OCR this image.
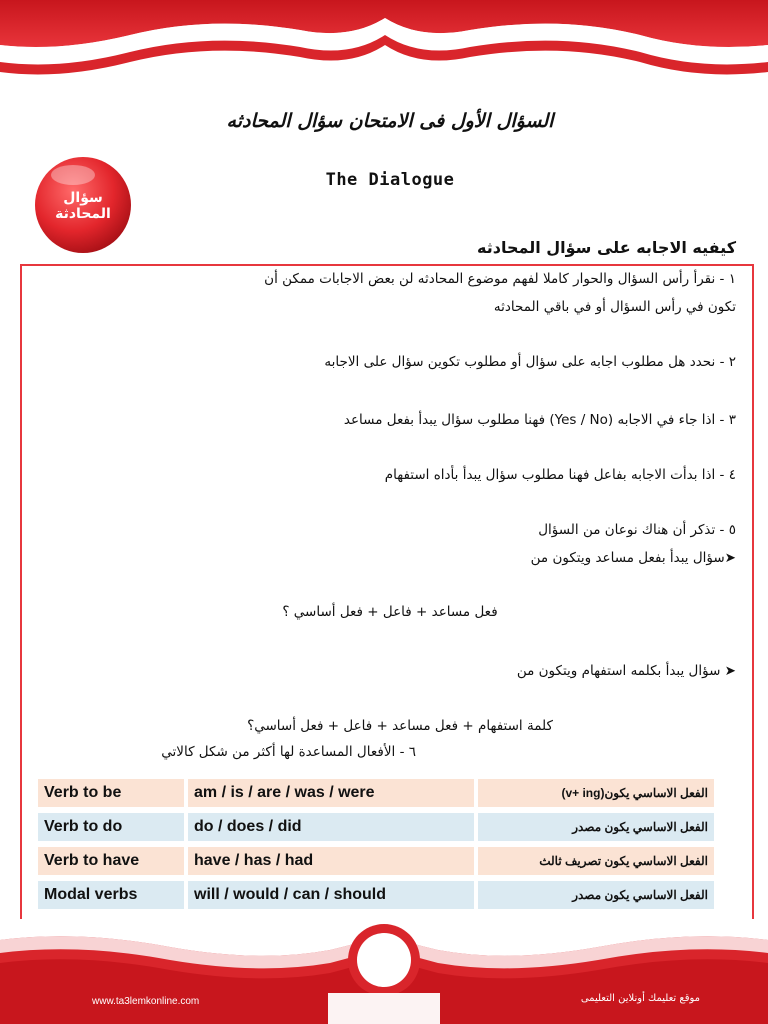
السؤال الأول فى الامتحان سؤال المحادثه
The Dialogue
سؤال المحادثة
كيفيه الاجابه على سؤال المحادثه
١ - نقرأ رأس السؤال والحوار كاملا لفهم موضوع المحادثه لن بعض الاجابات ممكن أن
تكون في رأس السؤال أو في باقي المحادثه
٢ - نحدد هل مطلوب اجابه على سؤال أو مطلوب تكوين سؤال على الاجابه
٣ - اذا جاء في الاجابه (Yes / No) فهنا مطلوب سؤال يبدأ بفعل مساعد
٤ - اذا بدأت الاجابه بفاعل فهنا مطلوب سؤال يبدأ بأداه استفهام
٥ - تذكر أن هناك نوعان من السؤال
➤سؤال يبدأ بفعل مساعد ويتكون من
فعل مساعد + فاعل + فعل أساسي ؟
➤ سؤال يبدأ بكلمه استفهام ويتكون من
كلمة استفهام + فعل مساعد + فاعل + فعل أساسي؟
٦ - الأفعال المساعدة لها أكثر من شكل كالاتي
Verb to be	am / is / are / was / were	الفعل الاساسي يكون(v+ ing)
Verb to do	do / does / did	الفعل الاساسي يكون مصدر
Verb to have	have / has / had	الفعل الاساسي يكون تصريف ثالث
Modal verbs	will / would / can / should	الفعل الاساسي يكون مصدر
www.ta3lemkonline.com	موقع تعليمك أونلاين التعليمى
